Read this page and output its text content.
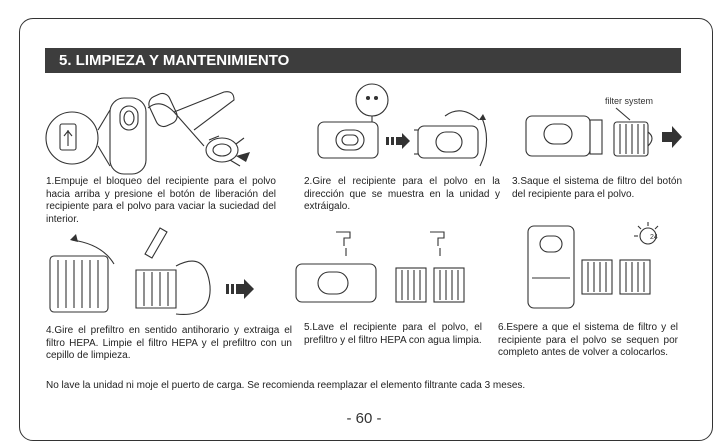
5. LIMPIEZA Y MANTENIMIENTO
1.Empuje el bloqueo del recipiente para el polvo hacia arriba y presione el botón de liberación del recipiente para el polvo para vaciar la suciedad del interior.
2.Gire el recipiente para el polvo en la dirección que se muestra en la unidad y extráigalo.
filter system
3.Saque el sistema de filtro del botón del recipiente para el polvo.
4.Gire el prefiltro en sentido antihorario y extraiga el filtro HEPA. Limpie el filtro HEPA y el prefiltro con un cepillo de limpieza.
5.Lave el recipiente para el polvo, el prefiltro y el filtro HEPA con agua limpia.
24
6.Espere a que el sistema de filtro y el recipiente para el polvo se sequen por completo antes de volver a colocarlos.
No lave la unidad ni moje el puerto de carga. Se recomienda reemplazar el elemento filtrante cada 3 meses.
- 60 -
